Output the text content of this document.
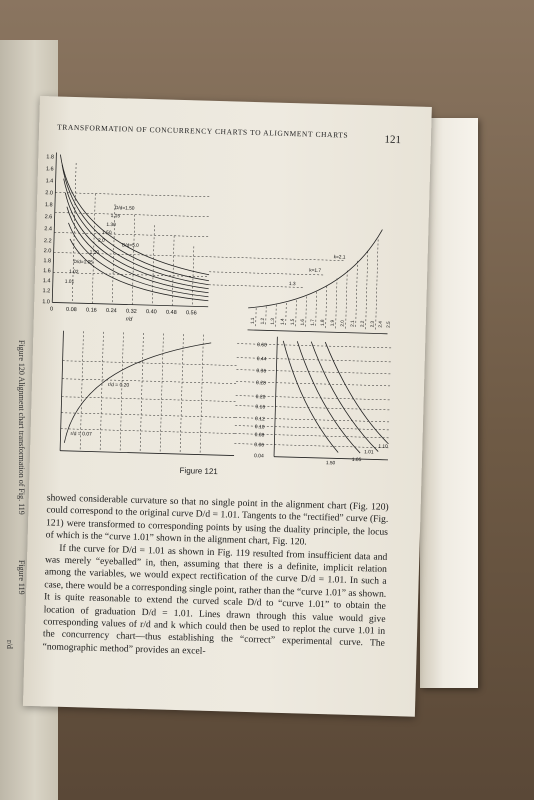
Figure 120 Alignment chart transformation of Fig. 119
Figure 119
r/d
TRANSFORMATION OF CONCURRENCY CHARTS TO ALIGNMENT CHARTS
121
1.8
1.6
1.4
2.0
1.8
2.6
2.4
2.2
2.0
1.8
1.6
1.4
1.2
1.0
0 0.08 0.16 0.24 0.32 0.40 0.48 0.56
r/d
D/d=1.50
1.15
1.30
1.50
2.0
D/d=5.0
1.10
D/d=1.05
1.02
1.01
k=2.1
k=1.7
1.3
1.1 1.2 1.3 1.4 1.5 1.6 1.7 1.8 1.9 2.0 2.1 2.2 2.3 2.4 2.5
r/d = 0.20
r/d = 0.07
0.60
0.44
0.36
0.28
0.20
0.16
0.12
0.10
0.08
0.06
0.04
1.50
1.05
1.01
1.10
Figure 121

showed considerable curvature so that no single point in the alignment chart (Fig. 120) could correspond to the original curve D/d = 1.01. Tangents to the “rectified” curve (Fig. 121) were transformed to corresponding points by using the duality principle, the locus of which is the “curve 1.01” shown in the alignment chart, Fig. 120.

If the curve for D/d = 1.01 as shown in Fig. 119 resulted from insufficient data and was merely “eyeballed” in, then, assuming that there is a definite, implicit relation among the variables, we would expect rectification of the curve D/d = 1.01. In such a case, there would be a corresponding single point, rather than the “curve 1.01” as shown. It is quite reasonable to extend the curved scale D/d to “curve 1.01” to obtain the location of graduation D/d = 1.01. Lines drawn through this value would give corresponding values of r/d and k which could then be used to replot the curve 1.01 in the concurrency chart—thus establishing the “correct” experimental curve. The “nomographic method” provides an excel-
